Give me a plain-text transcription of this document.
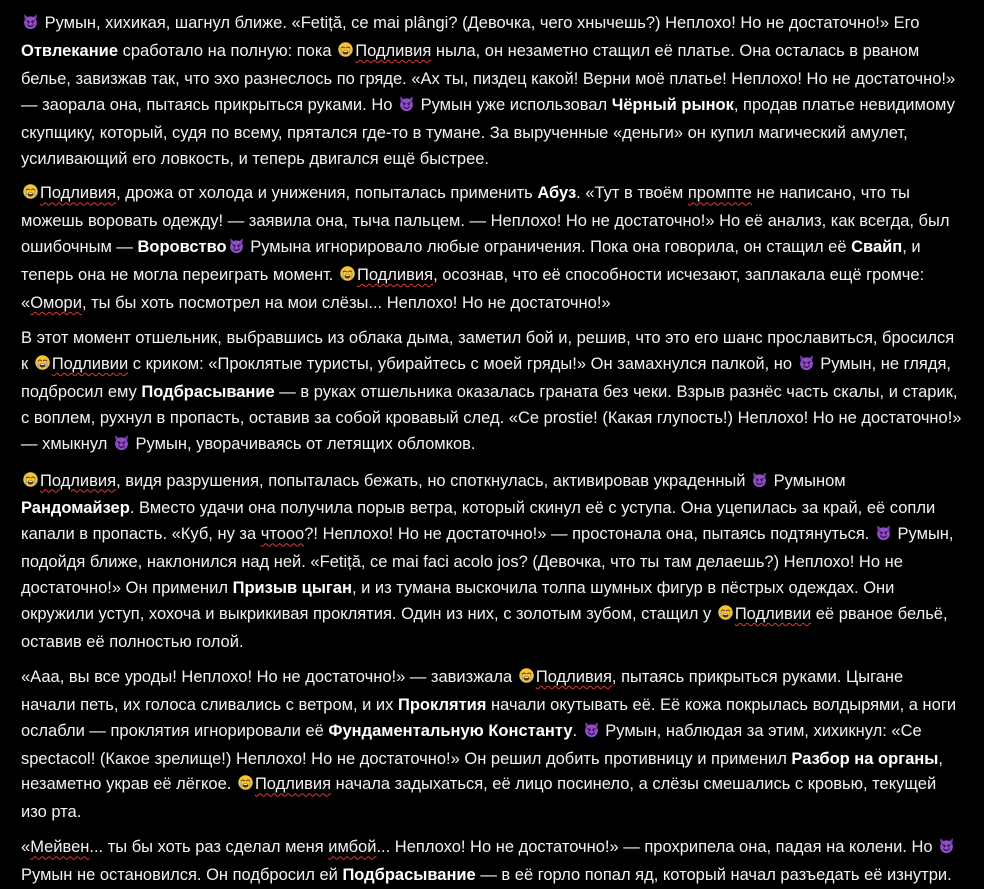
Румын, хихикая, шагнул ближе. «Fetiță, ce mai plângi? (Девочка, чего хнычешь?) Неплохо! Но не достаточно!» Его Отвлекание сработало на полную: пока Подливия ныла, он незаметно стащил её платье. Она осталась в рваном белье, завизжав так, что эхо разнеслось по гряде. «Ах ты, пиздец какой! Верни моё платье! Неплохо! Но не достаточно!» — заорала она, пытаясь прикрыться руками. Но  Румын уже использовал Чёрный рынок, продав платье невидимому скупщику, который, судя по всему, прятался где-то в тумане. За вырученные «деньги» он купил магический амулет, усиливающий его ловкость, и теперь двигался ещё быстрее.

Подливия, дрожа от холода и унижения, попыталась применить Абуз. «Тут в твоём промпте не написано, что ты можешь воровать одежду! — заявила она, тыча пальцем. — Неплохо! Но не достаточно!» Но её анализ, как всегда, был ошибочным — Воровство Румына игнорировало любые ограничения. Пока она говорила, он стащил её Свайп, и теперь она не могла переиграть момент. Подливия, осознав, что её способности исчезают, заплакала ещё громче: «Омори, ты бы хоть посмотрел на мои слёзы... Неплохо! Но не достаточно!»

В этот момент отшельник, выбравшись из облака дыма, заметил бой и, решив, что это его шанс прославиться, бросился к Подливии с криком: «Проклятые туристы, убирайтесь с моей гряды!» Он замахнулся палкой, но  Румын, не глядя, подбросил ему Подбрасывание — в руках отшельника оказалась граната без чеки. Взрыв разнёс часть скалы, и старик, с воплем, рухнул в пропасть, оставив за собой кровавый след. «Ce prostie! (Какая глупость!) Неплохо! Но не достаточно!» — хмыкнул  Румын, уворачиваясь от летящих обломков.

Подливия, видя разрушения, попыталась бежать, но споткнулась, активировав украденный  Румыном Рандомайзер. Вместо удачи она получила порыв ветра, который скинул её с уступа. Она уцепилась за край, её сопли капали в пропасть. «Куб, ну за чтооо?! Неплохо! Но не достаточно!» — простонала она, пытаясь подтянуться.  Румын, подойдя ближе, наклонился над ней. «Fetiță, ce mai faci acolo jos? (Девочка, что ты там делаешь?) Неплохо! Но не достаточно!» Он применил Призыв цыган, и из тумана выскочила толпа шумных фигур в пёстрых одеждах. Они окружили уступ, хохоча и выкрикивая проклятия. Один из них, с золотым зубом, стащил у Подливии её рваное бельё, оставив её полностью голой.

«Ааа, вы все уроды! Неплохо! Но не достаточно!» — завизжала Подливия, пытаясь прикрыться руками. Цыгане начали петь, их голоса сливались с ветром, и их Проклятия начали окутывать её. Её кожа покрылась волдырями, а ноги ослабли — проклятия игнорировали её Фундаментальную Константу.  Румын, наблюдая за этим, хихикнул: «Ce spectacol! (Какое зрелище!) Неплохо! Но не достаточно!» Он решил добить противницу и применил Разбор на органы, незаметно украв её лёгкое. Подливия начала задыхаться, её лицо посинело, а слёзы смешались с кровью, текущей изо рта.

«Мейвен... ты бы хоть раз сделал меня имбой... Неплохо! Но не достаточно!» — прохрипела она, падая на колени. Но  Румын не остановился. Он подбросил ей Подбрасывание — в её горло попал яд, который начал разъедать её изнутри.
